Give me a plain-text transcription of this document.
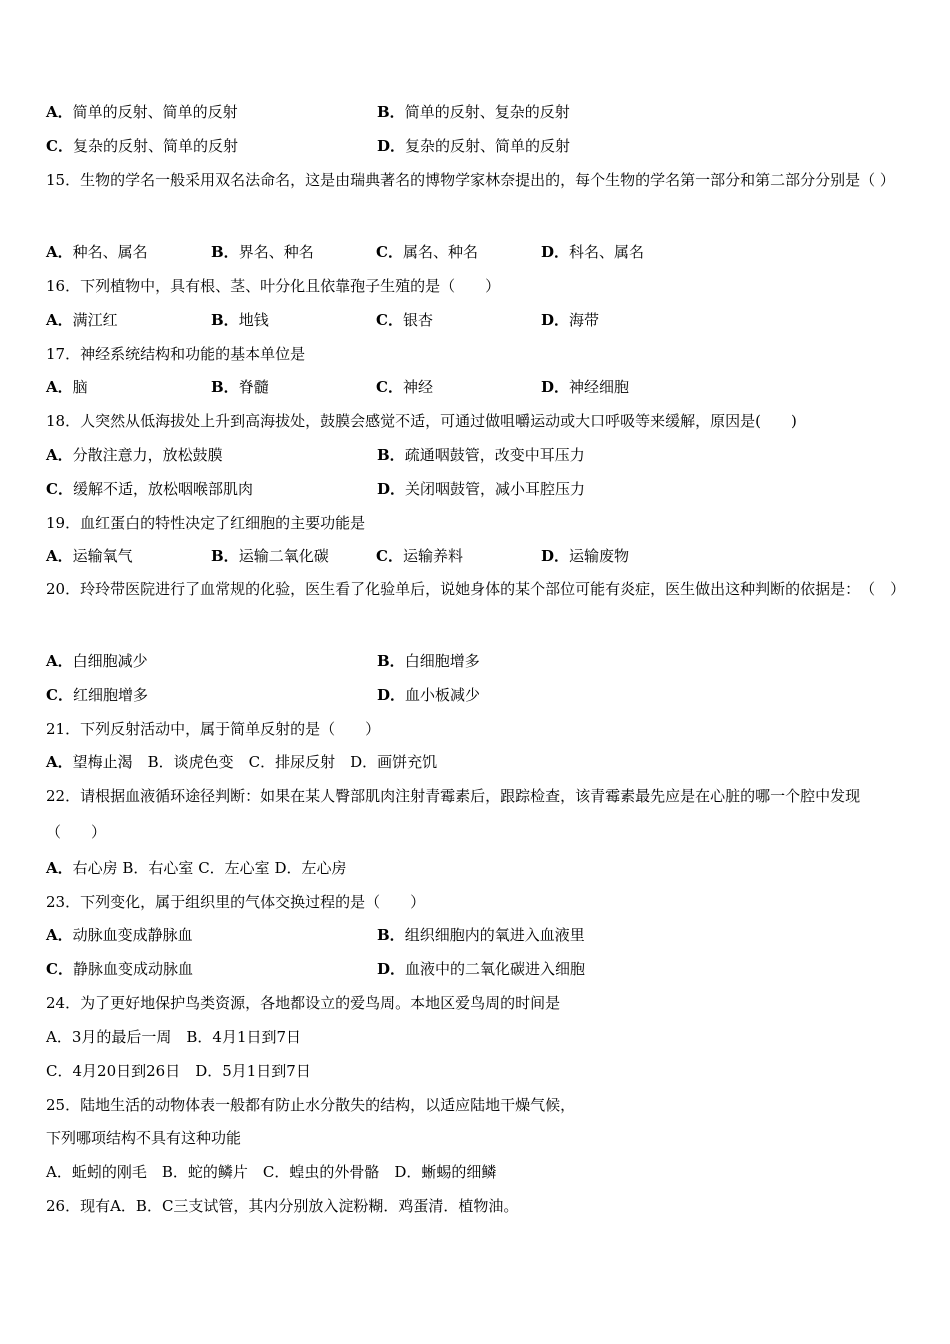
A．简单的反射、简单的反射	B．简单的反射、复杂的反射
C．复杂的反射、简单的反射	D．复杂的反射、简单的反射
15．生物的学名一般采用双名法命名，这是由瑞典著名的博物学家林奈提出的，每个生物的学名第一部分和第二部分分别是（ ）
A．种名、属名	B．界名、种名	C．属名、种名	D．科名、属名
16．下列植物中，具有根、茎、叶分化且依靠孢子生殖的是（　　）
A．满江红	B．地钱	C．银杏	D．海带
17．神经系统结构和功能的基本单位是
A．脑	B．脊髓	C．神经	D．神经细胞
18．人突然从低海拔处上升到高海拔处，鼓膜会感觉不适，可通过做咀嚼运动或大口呼吸等来缓解，原因是(　　)
A．分散注意力，放松鼓膜	B．疏通咽鼓管，改变中耳压力
C．缓解不适，放松咽喉部肌肉	D．关闭咽鼓管，减小耳腔压力
19．血红蛋白的特性决定了红细胞的主要功能是
A．运输氧气	B．运输二氧化碳	C．运输养料	D．运输废物
20．玲玲带医院进行了血常规的化验，医生看了化验单后，说她身体的某个部位可能有炎症，医生做出这种判断的依据是：　（　）
A．白细胞减少	B．白细胞增多
C．红细胞增多	D．血小板减少
21．下列反射活动中，属于简单反射的是（　　）
A．望梅止渴　B．谈虎色变　C．排尿反射　D．画饼充饥
22．请根据血液循环途径判断：如果在某人臀部肌肉注射青霉素后，跟踪检查，该青霉素最先应是在心脏的哪一个腔中发现（　　）
A．右心房 B．右心室 C．左心室 D．左心房
23．下列变化，属于组织里的气体交换过程的是（　　）
A．动脉血变成静脉血	B．组织细胞内的氧进入血液里
C．静脉血变成动脉血	D．血液中的二氧化碳进入细胞
24．为了更好地保护鸟类资源，各地都设立的爱鸟周。本地区爱鸟周的时间是
A．3月的最后一周　B．4月1日到7日
C．4月20日到26日　D．5月1日到7日
25．陆地生活的动物体表一般都有防止水分散失的结构，以适应陆地干燥气候，
下列哪项结构不具有这种功能
A．蚯蚓的刚毛　B．蛇的鳞片　C．蝗虫的外骨骼　D．蜥蜴的细鳞
26．现有A．B．C三支试管，其内分别放入淀粉糊．鸡蛋清．植物油。
